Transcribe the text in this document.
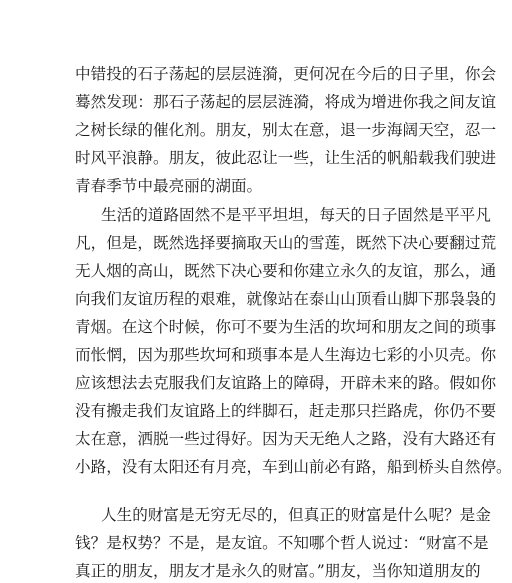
中错投的石子荡起的层层涟漪，更何况在今后的日子里，你会
蓦然发现：那石子荡起的层层涟漪，将成为增进你我之间友谊
之树长绿的催化剂。朋友，别太在意，退一步海阔天空，忍一
时风平浪静。朋友，彼此忍让一些，让生活的帆船载我们驶进
青春季节中最亮丽的湖面。
生活的道路固然不是平平坦坦，每天的日子固然是平平凡
凡，但是，既然选择要摘取天山的雪莲，既然下决心要翻过荒
无人烟的高山，既然下决心要和你建立永久的友谊，那么，通
向我们友谊历程的艰难，就像站在泰山山顶看山脚下那袅袅的
青烟。在这个时候，你可不要为生活的坎坷和朋友之间的琐事
而怅惘，因为那些坎坷和琐事本是人生海边七彩的小贝壳。你
应该想法去克服我们友谊路上的障碍，开辟未来的路。假如你
没有搬走我们友谊路上的绊脚石，赶走那只拦路虎，你仍不要
太在意，洒脱一些过得好。因为天无绝人之路，没有大路还有
小路，没有太阳还有月亮，车到山前必有路，船到桥头自然停。
人生的财富是无穷无尽的，但真正的财富是什么呢？是金
钱？是权势？不是，是友谊。不知哪个哲人说过：“财富不是
真正的朋友，朋友才是永久的财富。”朋友，当你知道朋友的
